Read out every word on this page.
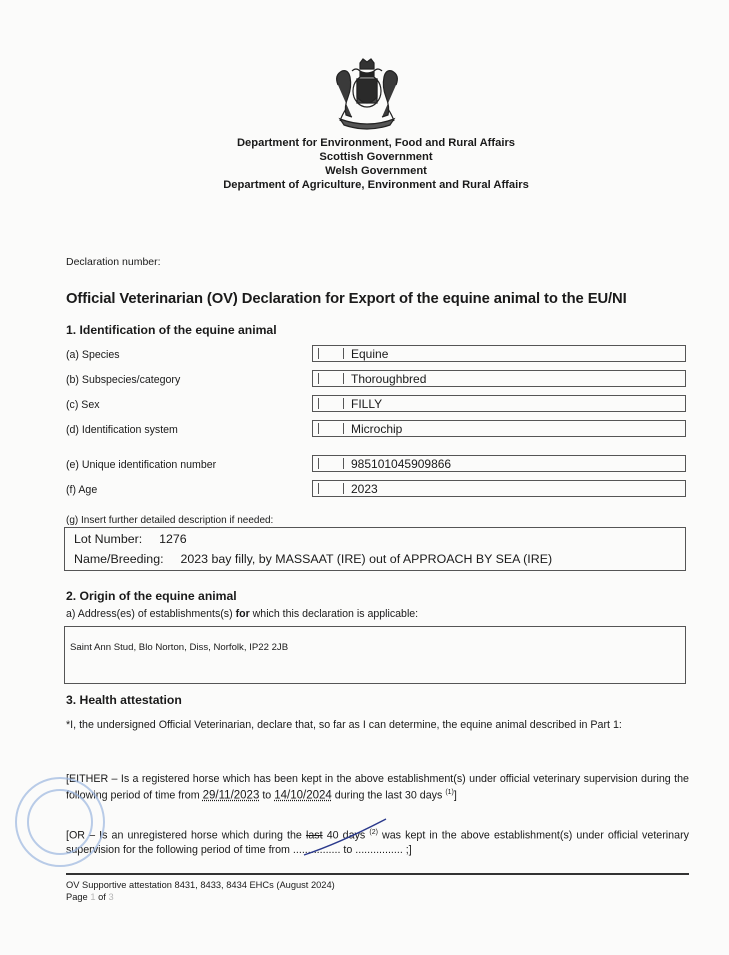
Department for Environment, Food and Rural Affairs
Scottish Government
Welsh Government
Department of Agriculture, Environment and Rural Affairs
Declaration number:
Official Veterinarian (OV) Declaration for Export of the equine animal to the EU/NI
1. Identification of the equine animal
(a) Species	Equine
(b) Subspecies/category	Thoroughbred
(c) Sex	FILLY
(d) Identification system	Microchip
(e) Unique identification number	985101045909866
(f) Age	2023
(g) Insert further detailed description if needed:
Lot Number: 1276
Name/Breeding: 2023 bay filly, by MASSAAT (IRE) out of APPROACH BY SEA (IRE)
2. Origin of the equine animal
a) Address(es) of establishments(s) for which this declaration is applicable:
Saint Ann Stud, Blo Norton, Diss, Norfolk, IP22 2JB
3. Health attestation
*I, the undersigned Official Veterinarian, declare that, so far as I can determine, the equine animal described in Part 1:
[EITHER – Is a registered horse which has been kept in the above establishment(s) under official veterinary supervision during the following period of time from 29/11/2023 to 14/10/2024 during the last 30 days $^{(1)}$]
[OR – Is an unregistered horse which during the last 40 days $^{(2)}$ was kept in the above establishment(s) under official veterinary supervision for the following period of time from ................ to ................ ;]
OV Supportive attestation 8431, 8433, 8434 EHCs (August 2024)
Page 1 of 3
